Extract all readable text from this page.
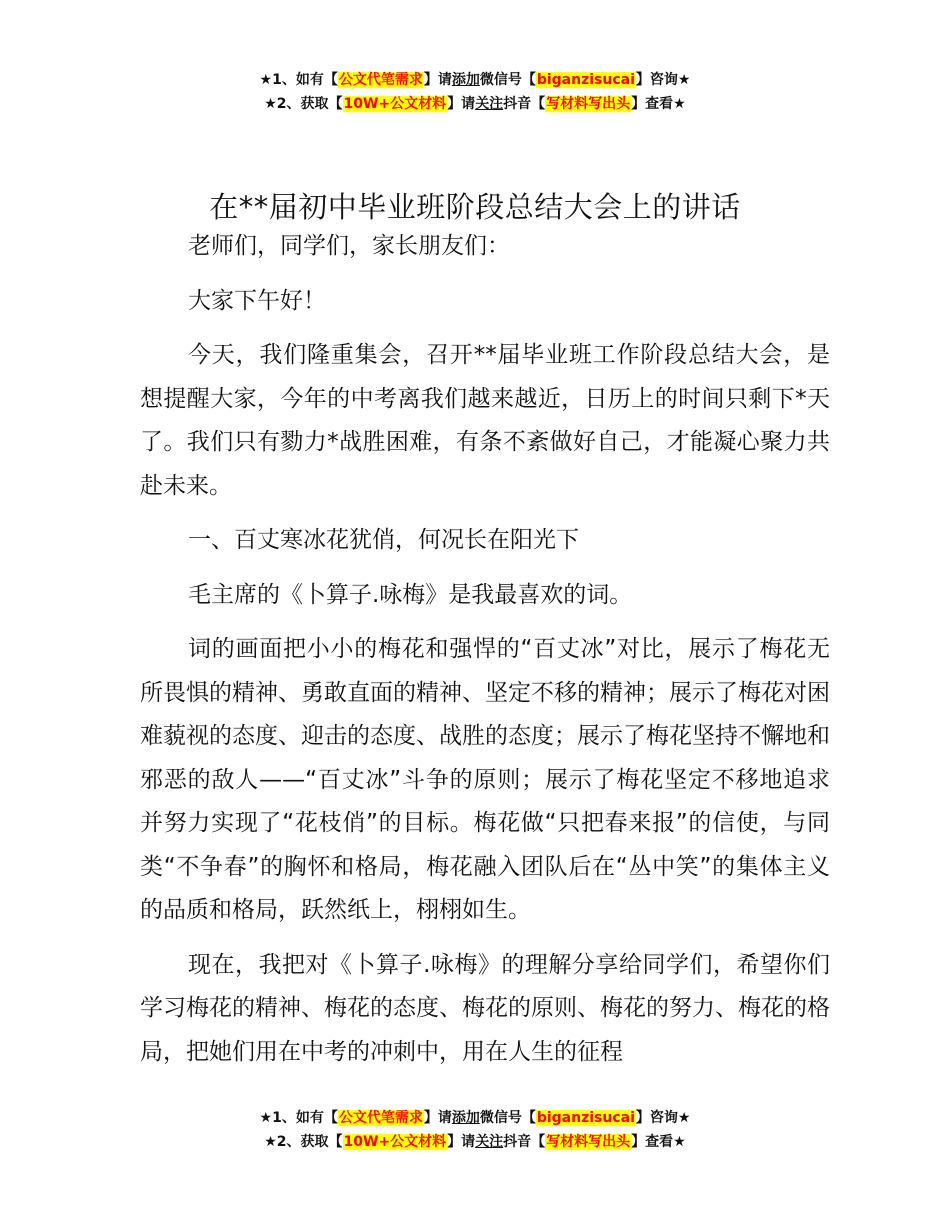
★1、如有【公文代笔需求】请添加微信号【biganzisucai】咨询★
★2、获取【10W+公文材料】请关注抖音【写材料写出头】查看★
在**届初中毕业班阶段总结大会上的讲话

老师们，同学们，家长朋友们：

大家下午好！

今天，我们隆重集会，召开**届毕业班工作阶段总结大会，是想提醒大家，今年的中考离我们越来越近，日历上的时间只剩下*天了。我们只有勠力*战胜困难，有条不紊做好自己，才能凝心聚力共赴未来。

一、百丈寒冰花犹俏，何况长在阳光下

毛主席的《卜算子.咏梅》是我最喜欢的词。

词的画面把小小的梅花和强悍的“百丈冰”对比，展示了梅花无所畏惧的精神、勇敢直面的精神、坚定不移的精神；展示了梅花对困难藐视的态度、迎击的态度、战胜的态度；展示了梅花坚持不懈地和邪恶的敌人——“百丈冰”斗争的原则；展示了梅花坚定不移地追求并努力实现了“花枝俏”的目标。梅花做“只把春来报”的信使，与同类“不争春”的胸怀和格局，梅花融入团队后在“丛中笑”的集体主义的品质和格局，跃然纸上，栩栩如生。

现在，我把对《卜算子.咏梅》的理解分享给同学们，希望你们学习梅花的精神、梅花的态度、梅花的原则、梅花的努力、梅花的格局，把她们用在中考的冲刺中，用在人生的征程

★1、如有【公文代笔需求】请添加微信号【biganzisucai】咨询★
★2、获取【10W+公文材料】请关注抖音【写材料写出头】查看★
